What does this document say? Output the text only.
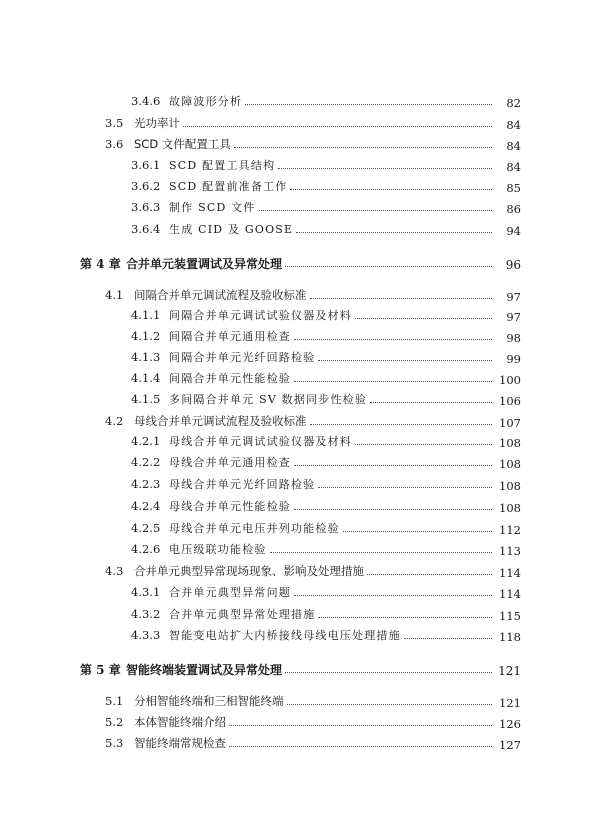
3.4.6 故障波形分析	82
3.5 光功率计	84
3.6 SCD 文件配置工具	84
3.6.1 SCD 配置工具结构	84
3.6.2 SCD 配置前准备工作	85
3.6.3 制作 SCD 文件	86
3.6.4 生成 CID 及 GOOSE	94
第 4 章 合并单元装置调试及异常处理	96
4.1 间隔合并单元调试流程及验收标准	97
4.1.1 间隔合并单元调试试验仪器及材料	97
4.1.2 间隔合并单元通用检查	98
4.1.3 间隔合并单元光纤回路检验	99
4.1.4 间隔合并单元性能检验	100
4.1.5 多间隔合并单元 SV 数据同步性检验	106
4.2 母线合并单元调试流程及验收标准	107
4.2.1 母线合并单元调试试验仪器及材料	108
4.2.2 母线合并单元通用检查	108
4.2.3 母线合并单元光纤回路检验	108
4.2.4 母线合并单元性能检验	108
4.2.5 母线合并单元电压并列功能检验	112
4.2.6 电压级联功能检验	113
4.3 合并单元典型异常现场现象、影响及处理措施	114
4.3.1 合并单元典型异常问题	114
4.3.2 合并单元典型异常处理措施	115
4.3.3 智能变电站扩大内桥接线母线电压处理措施	118
第 5 章 智能终端装置调试及异常处理	121
5.1 分相智能终端和三相智能终端	121
5.2 本体智能终端介绍	126
5.3 智能终端常规检查	127
